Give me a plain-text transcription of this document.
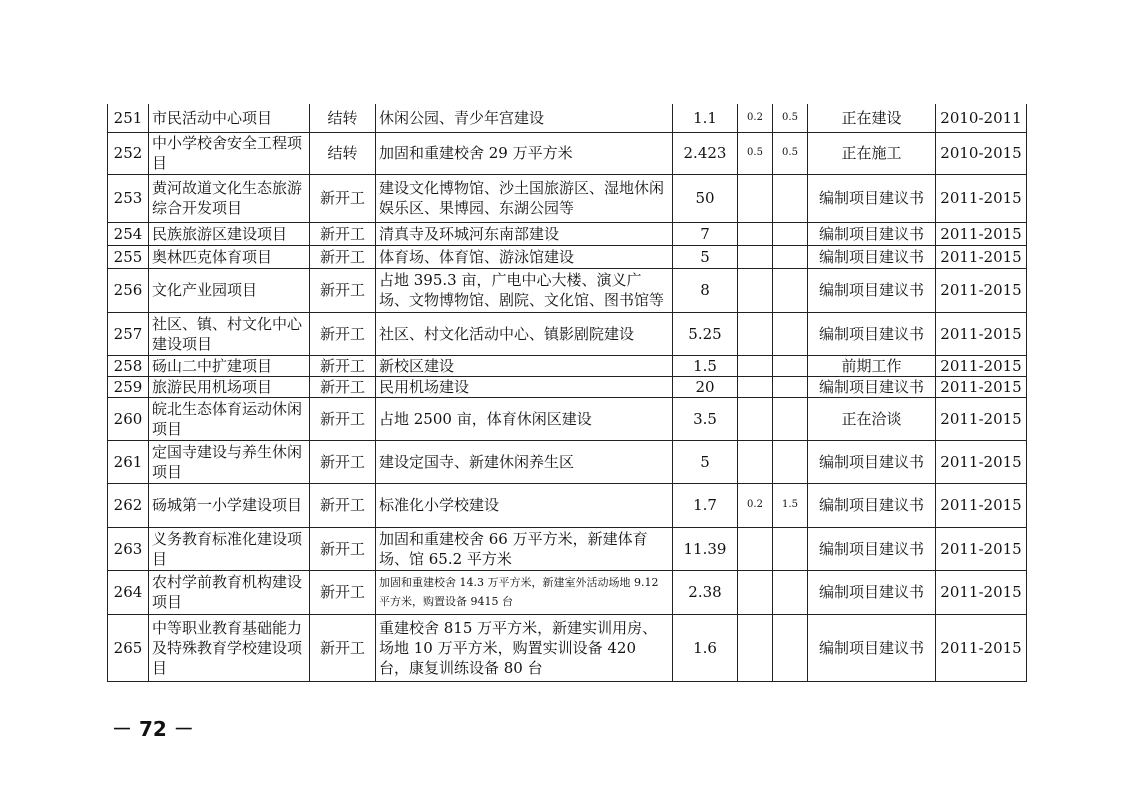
251	市民活动中心项目	结转	休闲公园、青少年宫建设	1.1	0.2	0.5	正在建设	2010-2011
252	中小学校舍安全工程项目	结转	加固和重建校舍 29 万平方米	2.423	0.5	0.5	正在施工	2010-2015
253	黄河故道文化生态旅游综合开发项目	新开工	建设文化博物馆、沙土国旅游区、湿地休闲娱乐区、果博园、东湖公园等	50			编制项目建议书	2011-2015
254	民族旅游区建设项目	新开工	清真寺及环城河东南部建设	7			编制项目建议书	2011-2015
255	奥林匹克体育项目	新开工	体育场、体育馆、游泳馆建设	5			编制项目建议书	2011-2015
256	文化产业园项目	新开工	占地 395.3 亩，广电中心大楼、演义广场、文物博物馆、剧院、文化馆、图书馆等	8			编制项目建议书	2011-2015
257	社区、镇、村文化中心建设项目	新开工	社区、村文化活动中心、镇影剧院建设	5.25			编制项目建议书	2011-2015
258	砀山二中扩建项目	新开工	新校区建设	1.5			前期工作	2011-2015
259	旅游民用机场项目	新开工	民用机场建设	20			编制项目建议书	2011-2015
260	皖北生态体育运动休闲项目	新开工	占地 2500 亩，体育休闲区建设	3.5			正在洽谈	2011-2015
261	定国寺建设与养生休闲项目	新开工	建设定国寺、新建休闲养生区	5			编制项目建议书	2011-2015
262	砀城第一小学建设项目	新开工	标准化小学校建设	1.7	0.2	1.5	编制项目建议书	2011-2015
263	义务教育标准化建设项目	新开工	加固和重建校舍 66 万平方米，新建体育场、馆 65.2 平方米	11.39			编制项目建议书	2011-2015
264	农村学前教育机构建设项目	新开工	加固和重建校舍 14.3 万平方米，新建室外活动场地 9.12 平方米，购置设备 9415 台	2.38			编制项目建议书	2011-2015
265	中等职业教育基础能力及特殊教育学校建设项目	新开工	重建校舍 815 万平方米，新建实训用房、场地 10 万平方米，购置实训设备 420 台，康复训练设备 80 台	1.6			编制项目建议书	2011-2015
－ 72 －
